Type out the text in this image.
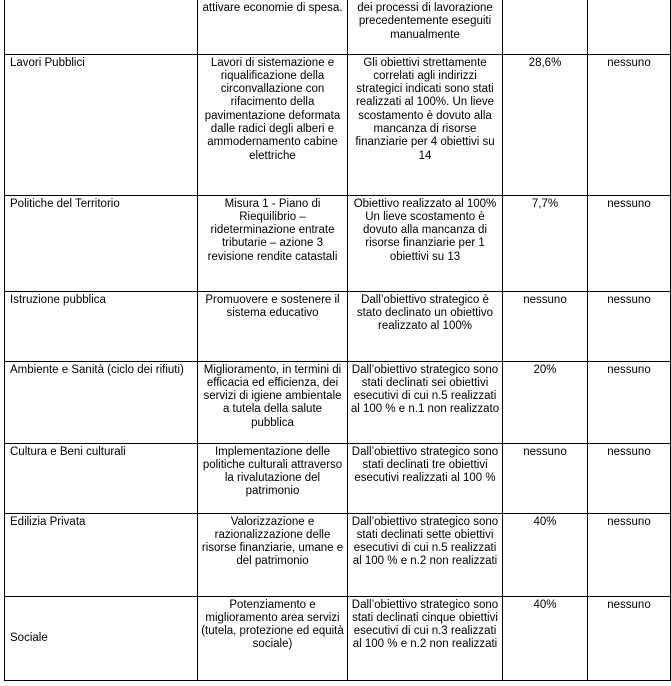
	attivare economie di spesa.	dei processi di lavorazione precedentemente eseguiti manualmente		
Lavori Pubblici	Lavori di sistemazione e riqualificazione della circonvallazione con rifacimento della pavimentazione deformata dalle radici degli alberi e ammodernamento cabine elettriche	Gli obiettivi strettamente correlati agli indirizzi strategici indicati sono stati realizzati al 100%. Un lieve scostamento è dovuto alla mancanza di risorse finanziarie per 4 obiettivi su 14	28,6%	nessuno
Politiche del Territorio	Misura 1 - Piano di Riequilibrio – rideterminazione entrate tributarie – azione 3 revisione rendite catastali	Obiettivo realizzato al 100% Un lieve scostamento è dovuto alla mancanza di risorse finanziarie per 1 obiettivi su 13	7,7%	nessuno
Istruzione pubblica	Promuovere e sostenere il sistema educativo	Dall’obiettivo strategico è stato declinato un obiettivo realizzato al 100%	nessuno	nessuno
Ambiente e Sanità (ciclo dei rifiuti)	Miglioramento, in termini di efficacia ed efficienza, dei servizi di igiene ambientale a tutela della salute pubblica	Dall’obiettivo strategico sono stati declinati sei obiettivi esecutivi di cui n.5 realizzati al 100 % e n.1 non realizzato	20%	nessuno
Cultura e Beni culturali	Implementazione delle politiche culturali attraverso la rivalutazione del patrimonio	Dall’obiettivo strategico sono stati declinati tre obiettivi esecutivi realizzati al 100 %	nessuno	nessuno
Edilizia Privata	Valorizzazione e razionalizzazione delle risorse finanziarie, umane e del patrimonio	Dall’obiettivo strategico sono stati declinati sette obiettivi esecutivi di cui n.5 realizzati al 100 % e n.2 non realizzati	40%	nessuno
Sociale	Potenziamento e miglioramento area servizi (tutela, protezione ed equità sociale)	Dall’obiettivo strategico sono stati declinati cinque obiettivi esecutivi di cui n.3 realizzati al 100 % e n.2 non realizzati	40%	nessuno
